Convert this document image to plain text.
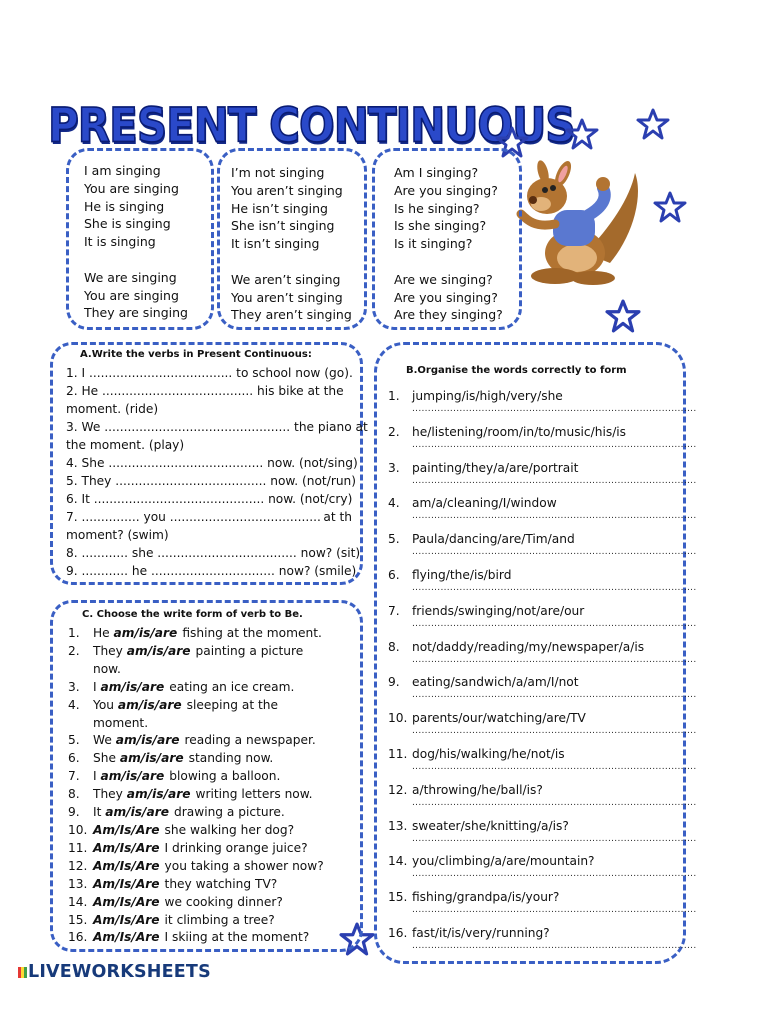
PRESENT CONTINUOUS
I am singing
You are singing
He is singing
She is singing
It is singing
We are singing
You are singing
They are singing
I’m not singing
You aren’t singing
He isn’t singing
She isn’t singing
It isn’t singing
We aren’t singing
You aren’t singing
They aren’t singing
Am I singing?
Are you singing?
Is he singing?
Is she singing?
Is it singing?
Are we singing?
Are you singing?
Are they singing?
A.Write the verbs in Present Continuous:
1. I ..................................... to school now (go).
2. He ....................................... his bike at the
moment. (ride)
3. We ................................................ the piano at
the moment. (play)
4. She ........................................ now. (not/sing)
5. They ....................................... now. (not/run)
6. It ............................................ now. (not/cry)
7. ............... you ....................................... at th
moment? (swim)
8. ............ she .................................... now? (sit)
9. ............ he ................................ now? (smile)
C. Choose the write form of verb to Be.
1.	He am/is/are fishing at the moment.
2.	They am/is/are painting a picture
now.
3.	I am/is/are eating an ice cream.
4.	You am/is/are sleeping at the
moment.
5.	We am/is/are reading a newspaper.
6.	She am/is/are standing now.
7.	I am/is/are blowing a balloon.
8.	They am/is/are writing letters now.
9.	It am/is/are drawing a picture.
10. Am/Is/Are she walking her dog?
11. Am/Is/Are I drinking orange juice?
12. Am/Is/Are you taking a shower now?
13. Am/Is/Are they watching TV?
14. Am/Is/Are we cooking dinner?
15. Am/Is/Are it climbing a tree?
16. Am/Is/Are I skiing at the moment?
B.Organise the words correctly to form
1.	jumping/is/high/very/she
..........................................................................................
2.	he/listening/room/in/to/music/his/is
..........................................................................................
3.	painting/they/a/are/portrait
..........................................................................................
4.	am/a/cleaning/I/window
..........................................................................................
5.	Paula/dancing/are/Tim/and
..........................................................................................
6.	flying/the/is/bird
..........................................................................................
7.	friends/swinging/not/are/our
..........................................................................................
8.	not/daddy/reading/my/newspaper/a/is
..........................................................................................
9.	eating/sandwich/a/am/I/not
..........................................................................................
10. parents/our/watching/are/TV
..........................................................................................
11. dog/his/walking/he/not/is
..........................................................................................
12. a/throwing/he/ball/is?
..........................................................................................
13. sweater/she/knitting/a/is?
..........................................................................................
14. you/climbing/a/are/mountain?
..........................................................................................
15. fishing/grandpa/is/your?
..........................................................................................
16. fast/it/is/very/running?
..........................................................................................
LIVEWORKSHEETS
